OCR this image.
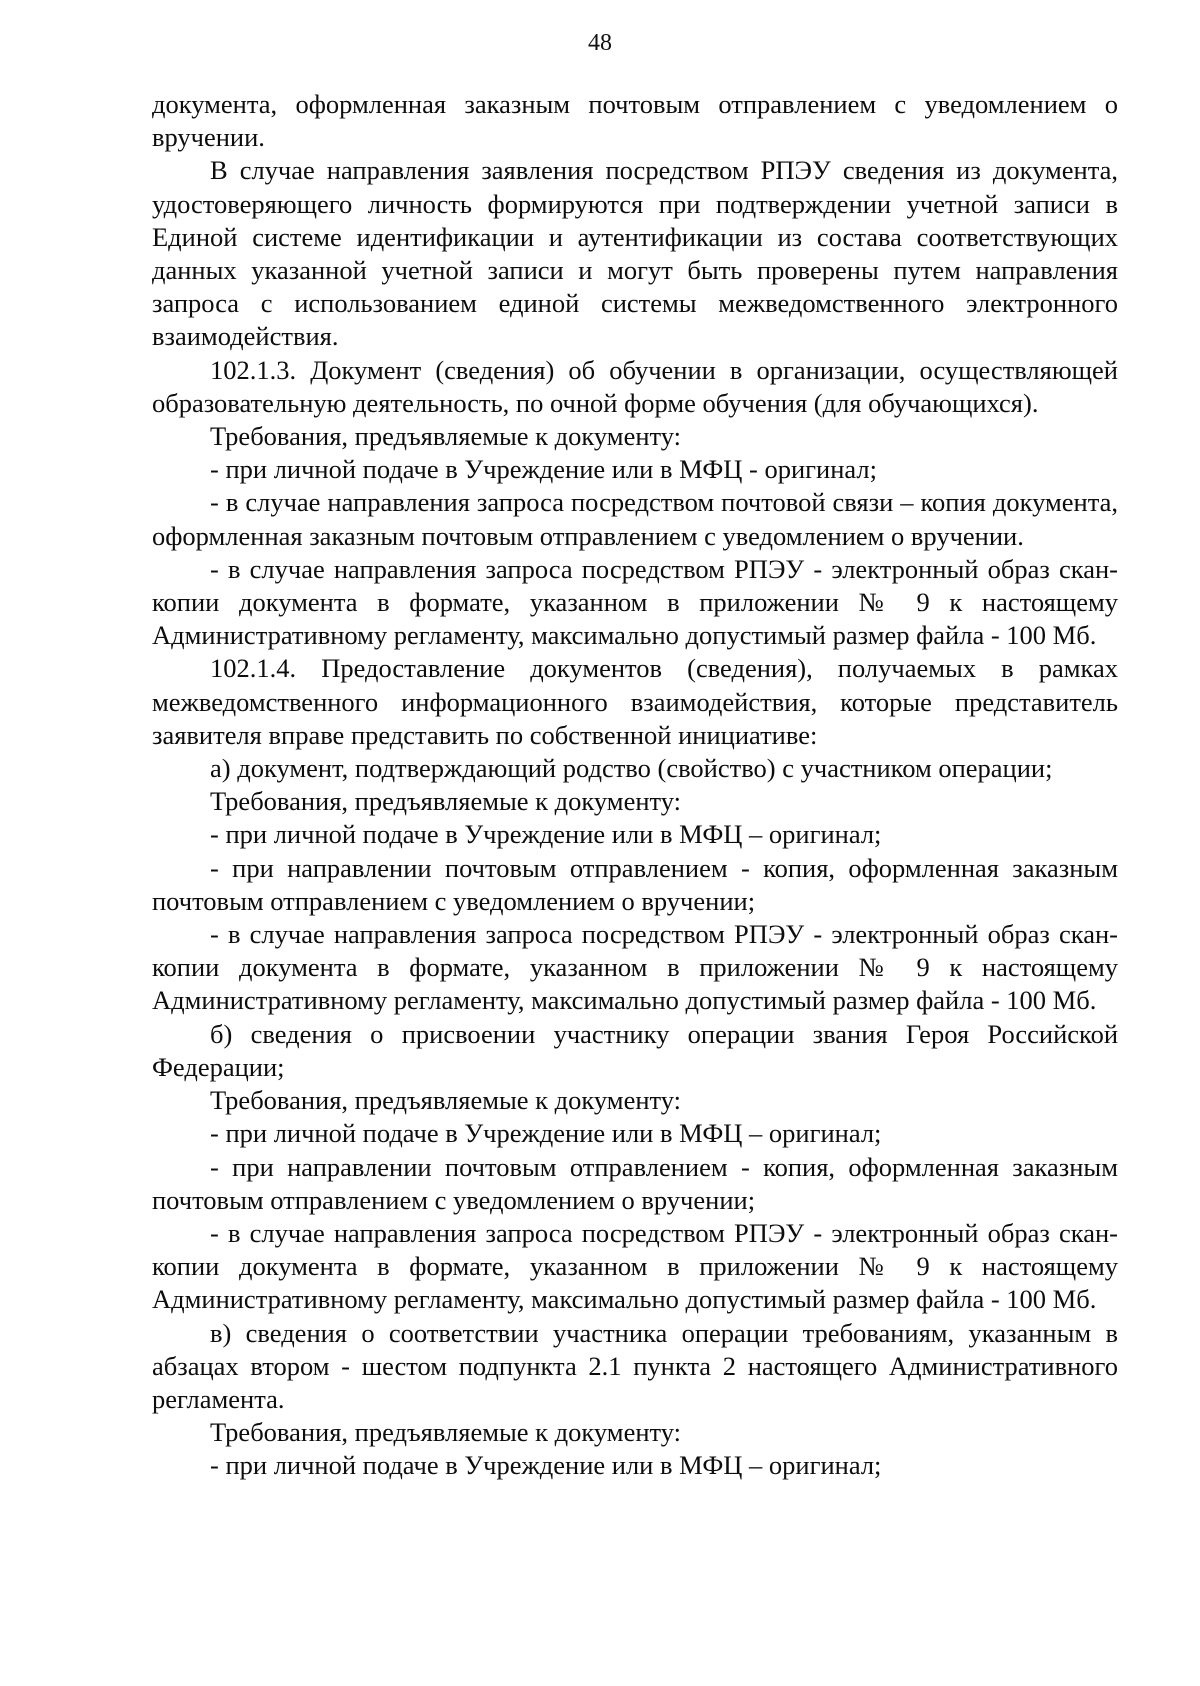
48

документа, оформленная заказным почтовым отправлением с уведомлением о вручении.

В случае направления заявления посредством РПЭУ сведения из документа, удостоверяющего личность формируются при подтверждении учетной записи в Единой системе идентификации и аутентификации из состава соответствующих данных указанной учетной записи и могут быть проверены путем направления запроса с использованием единой системы межведомственного электронного взаимодействия.

102.1.3. Документ (сведения) об обучении в организации, осуществляющей образовательную деятельность, по очной форме обучения (для обучающихся).

Требования, предъявляемые к документу:

- при личной подаче в Учреждение или в МФЦ - оригинал;

- в случае направления запроса посредством почтовой связи – копия документа, оформленная заказным почтовым отправлением с уведомлением о вручении.

- в случае направления запроса посредством РПЭУ - электронный образ скан-копии документа в формате, указанном в приложении № 9 к настоящему Административному регламенту, максимально допустимый размер файла - 100 Мб.

102.1.4. Предоставление документов (сведения), получаемых в рамках межведомственного информационного взаимодействия, которые представитель заявителя вправе представить по собственной инициативе:

а) документ, подтверждающий родство (свойство) с участником операции;

Требования, предъявляемые к документу:

- при личной подаче в Учреждение или в МФЦ – оригинал;

- при направлении почтовым отправлением - копия, оформленная заказным почтовым отправлением с уведомлением о вручении;

- в случае направления запроса посредством РПЭУ - электронный образ скан-копии документа в формате, указанном в приложении № 9 к настоящему Административному регламенту, максимально допустимый размер файла - 100 Мб.

б) сведения о присвоении участнику операции звания Героя Российской Федерации;

Требования, предъявляемые к документу:

- при личной подаче в Учреждение или в МФЦ – оригинал;

- при направлении почтовым отправлением - копия, оформленная заказным почтовым отправлением с уведомлением о вручении;

- в случае направления запроса посредством РПЭУ - электронный образ скан-копии документа в формате, указанном в приложении № 9 к настоящему Административному регламенту, максимально допустимый размер файла - 100 Мб.

в) сведения о соответствии участника операции требованиям, указанным в абзацах втором - шестом подпункта 2.1 пункта 2 настоящего Административного регламента.

Требования, предъявляемые к документу:

- при личной подаче в Учреждение или в МФЦ – оригинал;
